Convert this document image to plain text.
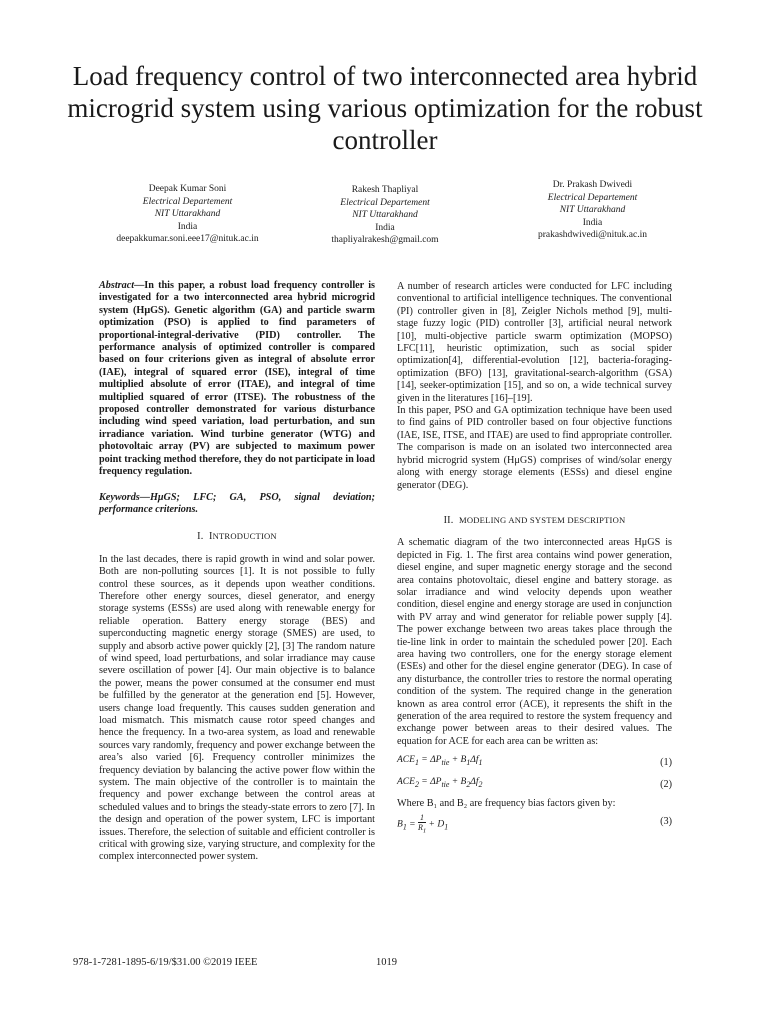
Load frequency control of two interconnected area hybrid microgrid system using various optimization for the robust controller
Deepak Kumar Soni
Electrical Departement
NIT Uttarakhand
India
deepakkumar.soni.eee17@nituk.ac.in
Rakesh Thapliyal
Electrical Departement
NIT Uttarakhand
India
thapliyalrakesh@gmail.com
Dr. Prakash Dwivedi
Electrical Departement
NIT Uttarakhand
India
prakashdwivedi@nituk.ac.in

Abstract—In this paper, a robust load frequency controller is investigated for a two interconnected area hybrid microgrid system (HμGS). Genetic algorithm (GA) and particle swarm optimization (PSO) is applied to find parameters of proportional-integral-derivative (PID) controller. The performance analysis of optimized controller is compared based on four criterions given as integral of absolute error (IAE), integral of squared error (ISE), integral of time multiplied absolute of error (ITAE), and integral of time multiplied squared of error (ITSE). The robustness of the proposed controller demonstrated for various disturbance including wind speed variation, load perturbation, and sun irradiance variation. Wind turbine generator (WTG) and photovoltaic array (PV) are subjected to maximum power point tracking method therefore, they do not participate in load frequency regulation.

Keywords—HμGS; LFC; GA, PSO, signal deviation; performance criterions.

I. INTRODUCTION

In the last decades, there is rapid growth in wind and solar power. Both are non-polluting sources [1]. It is not possible to fully control these sources, as it depends upon weather conditions. Therefore other energy sources, diesel generator, and energy storage systems (ESSs) are used along with renewable energy for reliable operation. Battery energy storage (BES) and superconducting magnetic energy storage (SMES) are used, to supply and absorb active power quickly [2], [3] The random nature of wind speed, load perturbations, and solar irradiance may cause severe oscillation of power [4]. Our main objective is to balance the power, means the power consumed at the consumer end must be fulfilled by the generator at the generation end [5]. However, users change load frequently. This causes sudden generation and load mismatch. This mismatch cause rotor speed changes and hence the frequency. In a two-area system, as load and renewable sources vary randomly, frequency and power exchange between the area’s also varied [6]. Frequency controller minimizes the frequency deviation by balancing the active power flow within the system. The main objective of the controller is to maintain the frequency and power exchange between the control areas at scheduled values and to brings the steady-state errors to zero [7]. In the design and operation of the power system, LFC is important issues. Therefore, the selection of suitable and efficient controller is critical with growing size, varying structure, and complexity for the complex interconnected power system.

A number of research articles were conducted for LFC including conventional to artificial intelligence techniques. The conventional (PI) controller given in [8], Zeigler Nichols method [9], multi-stage fuzzy logic (PID) controller [3], artificial neural network [10], multi-objective particle swarm optimization (MOPSO) LFC[11], heuristic optimization, such as social spider optimization[4], differential-evolution [12], bacteria-foraging-optimization (BFO) [13], gravitational-search-algorithm (GSA) [14], seeker-optimization [15], and so on, a wide technical survey given in the literatures [16]–[19].

In this paper, PSO and GA optimization technique have been used to find gains of PID controller based on four objective functions (IAE, ISE, ITSE, and ITAE) are used to find appropriate controller. The comparison is made on an isolated two interconnected area hybrid microgrid system (HμGS) comprises of wind/solar energy along with energy storage elements (ESSs) and diesel engine generator (DEG).

II. MODELING AND SYSTEM DESCRIPTION

A schematic diagram of the two interconnected areas HμGS is depicted in Fig. 1. The first area contains wind power generation, diesel engine, and super magnetic energy storage and the second area contains photovoltaic, diesel engine and battery storage. as solar irradiance and wind velocity depends upon weather condition, diesel engine and energy storage are used in conjunction with PV array and wind generator for reliable power supply [4]. The power exchange between two areas takes place through the tie-line link in order to maintain the scheduled power [20]. Each area having two controllers, one for the energy storage element (ESEs) and other for the diesel engine generator (DEG). In case of any disturbance, the controller tries to restore the normal operating condition of the system. The required change in the generation known as area control error (ACE), it represents the shift in the generation of the area required to restore the system frequency and exchange power between areas to their desired values. The equation for ACE for each area can be written as:

$ACE_1 = \Delta P_{tie} + B_1\Delta f_1$	(1)
$ACE_2 = \Delta P_{tie} + B_2\Delta f_2$	(2)

Where B₁ and B₂ are frequency bias factors given by:

$B_1 = \frac{1}{R_1} + D_1$	(3)
978-1-7281-1895-6/19/$31.00 ©2019 IEEE	1019
